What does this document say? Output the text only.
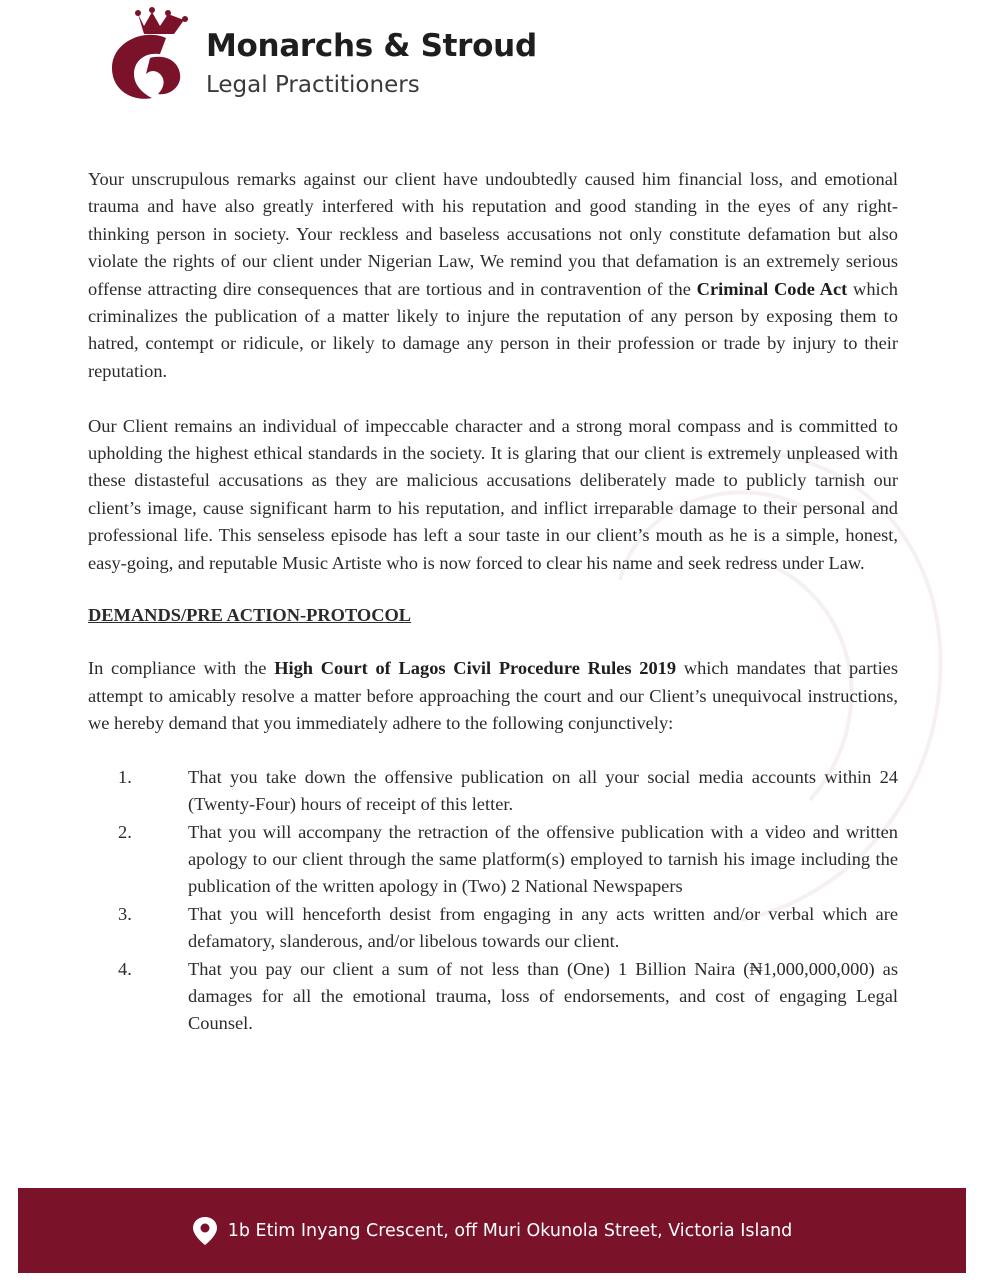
Monarchs & Stroud
Legal Practitioners

Your unscrupulous remarks against our client have undoubtedly caused him financial loss, and emotional trauma and have also greatly interfered with his reputation and good standing in the eyes of any right-thinking person in society. Your reckless and baseless accusations not only constitute defamation but also violate the rights of our client under Nigerian Law, We remind you that defamation is an extremely serious offense attracting dire consequences that are tortious and in contravention of the Criminal Code Act which criminalizes the publication of a matter likely to injure the reputation of any person by exposing them to hatred, contempt or ridicule, or likely to damage any person in their profession or trade by injury to their reputation.

Our Client remains an individual of impeccable character and a strong moral compass and is committed to upholding the highest ethical standards in the society. It is glaring that our client is extremely unpleased with these distasteful accusations as they are malicious accusations deliberately made to publicly tarnish our client’s image, cause significant harm to his reputation, and inflict irreparable damage to their personal and professional life. This senseless episode has left a sour taste in our client’s mouth as he is a simple, honest, easy-going, and reputable Music Artiste who is now forced to clear his name and seek redress under Law.

DEMANDS/PRE ACTION-PROTOCOL

In compliance with the High Court of Lagos Civil Procedure Rules 2019 which mandates that parties attempt to amicably resolve a matter before approaching the court and our Client’s unequivocal instructions, we hereby demand that you immediately adhere to the following conjunctively:

1.	That you take down the offensive publication on all your social media accounts within 24 (Twenty-Four) hours of receipt of this letter.
2.	That you will accompany the retraction of the offensive publication with a video and written apology to our client through the same platform(s) employed to tarnish his image including the publication of the written apology in (Two) 2 National Newspapers
3.	That you will henceforth desist from engaging in any acts written and/or verbal which are defamatory, slanderous, and/or libelous towards our client.
4.	That you pay our client a sum of not less than (One) 1 Billion Naira (₦1,000,000,000) as damages for all the emotional trauma, loss of endorsements, and cost of engaging Legal Counsel.
1b Etim Inyang Crescent, off Muri Okunola Street, Victoria Island
